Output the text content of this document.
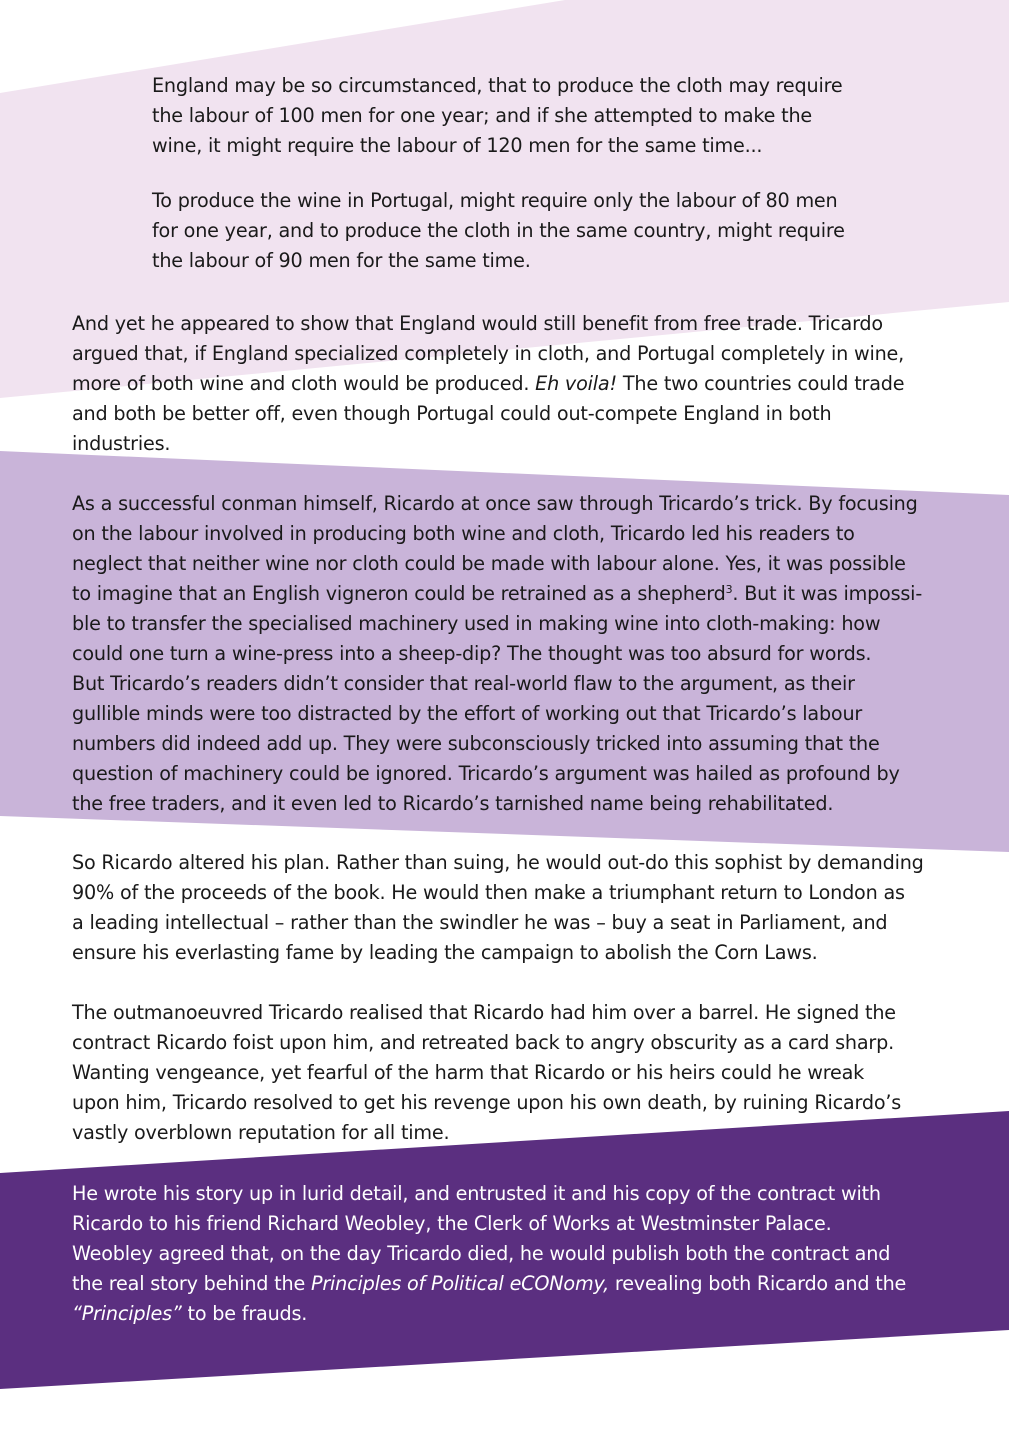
England may be so circumstanced, that to produce the cloth may require
the labour of 100 men for one year; and if she attempted to make the
wine, it might require the labour of 120 men for the same time...
To produce the wine in Portugal, might require only the labour of 80 men
for one year, and to produce the cloth in the same country, might require
the labour of 90 men for the same time.
And yet he appeared to show that England would still benefit from free trade. Tricardo
argued that, if England specialized completely in cloth, and Portugal completely in wine,
more of both wine and cloth would be produced. Eh voila! The two countries could trade
and both be better off, even though Portugal could out-compete England in both
industries.
As a successful conman himself, Ricardo at once saw through Tricardo’s trick. By focusing
on the labour involved in producing both wine and cloth, Tricardo led his readers to
neglect that neither wine nor cloth could be made with labour alone. Yes, it was possible
to imagine that an English vigneron could be retrained as a shepherd$^3$. But it was impossi-
ble to transfer the specialised machinery used in making wine into cloth-making: how
could one turn a wine-press into a sheep-dip? The thought was too absurd for words.
But Tricardo’s readers didn’t consider that real-world flaw to the argument, as their
gullible minds were too distracted by the effort of working out that Tricardo’s labour
numbers did indeed add up. They were subconsciously tricked into assuming that the
question of machinery could be ignored. Tricardo’s argument was hailed as profound by
the free traders, and it even led to Ricardo’s tarnished name being rehabilitated.
So Ricardo altered his plan. Rather than suing, he would out-do this sophist by demanding
90% of the proceeds of the book. He would then make a triumphant return to London as
a leading intellectual – rather than the swindler he was – buy a seat in Parliament, and
ensure his everlasting fame by leading the campaign to abolish the Corn Laws.
The outmanoeuvred Tricardo realised that Ricardo had him over a barrel. He signed the
contract Ricardo foist upon him, and retreated back to angry obscurity as a card sharp.
Wanting vengeance, yet fearful of the harm that Ricardo or his heirs could he wreak
upon him, Tricardo resolved to get his revenge upon his own death, by ruining Ricardo’s
vastly overblown reputation for all time.
He wrote his story up in lurid detail, and entrusted it and his copy of the contract with
Ricardo to his friend Richard Weobley, the Clerk of Works at Westminster Palace.
Weobley agreed that, on the day Tricardo died, he would publish both the contract and
the real story behind the Principles of Political eCONomy, revealing both Ricardo and the
“Principles” to be frauds.
